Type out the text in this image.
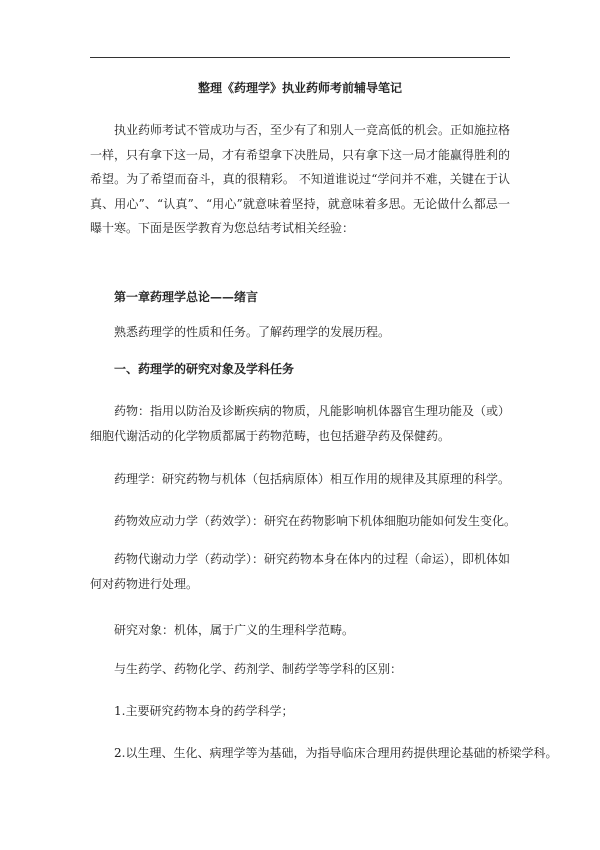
整理《药理学》执业药师考前辅导笔记
执业药师考试不管成功与否，至少有了和别人一竞高低的机会。正如施拉格一样，只有拿下这一局，才有希望拿下决胜局，只有拿下这一局才能赢得胜利的希望。为了希望而奋斗，真的很精彩。 不知道谁说过“学问并不难，关键在于认真、用心”、“认真”、“用心”就意味着坚持，就意味着多思。无论做什么都忌一曝十寒。下面是医学教育为您总结考试相关经验：
第一章药理学总论——绪言
熟悉药理学的性质和任务。了解药理学的发展历程。
一、药理学的研究对象及学科任务
药物：指用以防治及诊断疾病的物质，凡能影响机体器官生理功能及（或）细胞代谢活动的化学物质都属于药物范畴，也包括避孕药及保健药。
药理学：研究药物与机体（包括病原体）相互作用的规律及其原理的科学。
药物效应动力学（药效学）：研究在药物影响下机体细胞功能如何发生变化。
药物代谢动力学（药动学）：研究药物本身在体内的过程（命运），即机体如何对药物进行处理。
研究对象：机体，属于广义的生理科学范畴。
与生药学、药物化学、药剂学、制药学等学科的区别：
1.主要研究药物本身的药学科学；
2.以生理、生化、病理学等为基础，为指导临床合理用药提供理论基础的桥梁学科。
